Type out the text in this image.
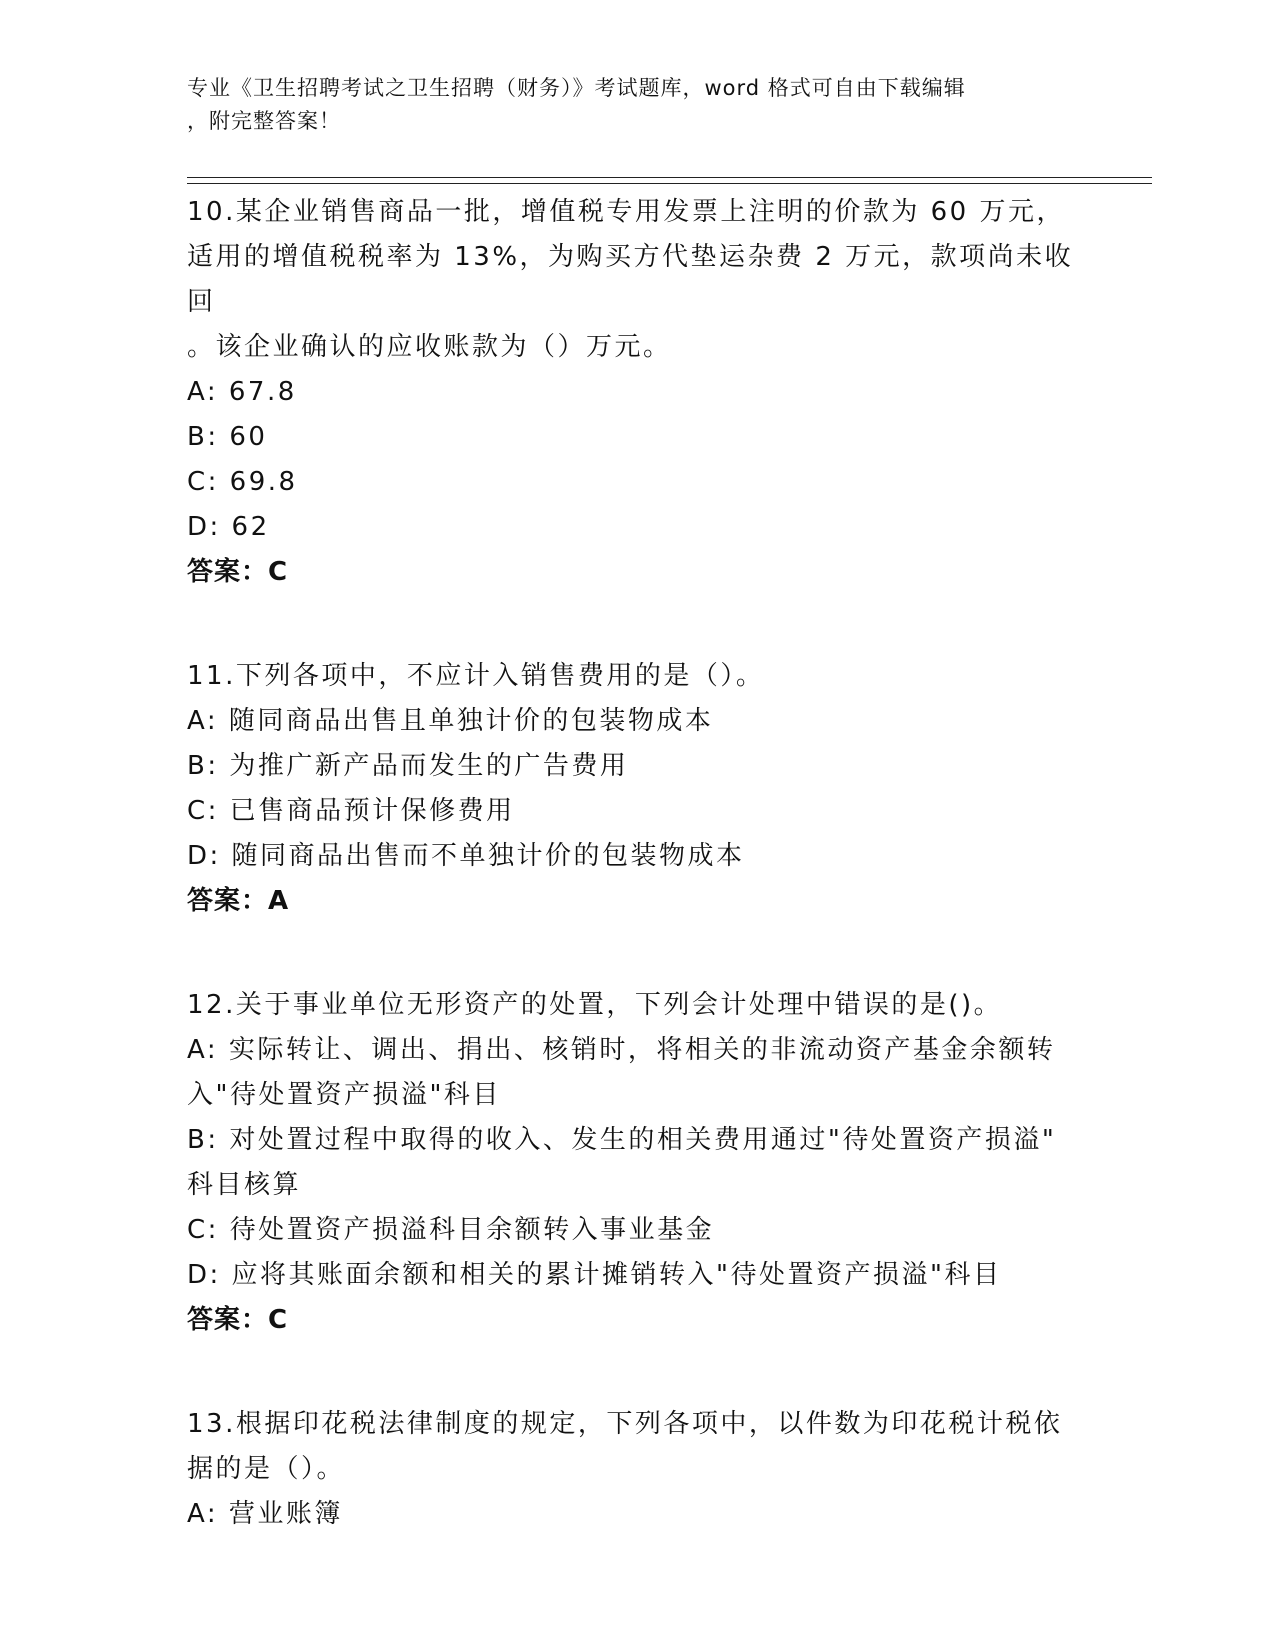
专业《卫生招聘考试之卫生招聘（财务）》考试题库，word 格式可自由下载编辑
，附完整答案！
10.某企业销售商品一批，增值税专用发票上注明的价款为 60 万元，
适用的增值税税率为 13%，为购买方代垫运杂费 2 万元，款项尚未收回
。该企业确认的应收账款为（）万元。
A: 67.8
B: 60
C: 69.8
D: 62
答案：C
11.下列各项中，不应计入销售费用的是（）。
A: 随同商品出售且单独计价的包装物成本
B: 为推广新产品而发生的广告费用
C: 已售商品预计保修费用
D: 随同商品出售而不单独计价的包装物成本
答案：A
12.关于事业单位无形资产的处置，下列会计处理中错误的是()。
A: 实际转让、调出、捐出、核销时，将相关的非流动资产基金余额转
入"待处置资产损溢"科目
B: 对处置过程中取得的收入、发生的相关费用通过"待处置资产损溢"
科目核算
C: 待处置资产损溢科目余额转入事业基金
D: 应将其账面余额和相关的累计摊销转入"待处置资产损溢"科目
答案：C
13.根据印花税法律制度的规定，下列各项中，以件数为印花税计税依
据的是（）。
A: 营业账簿
